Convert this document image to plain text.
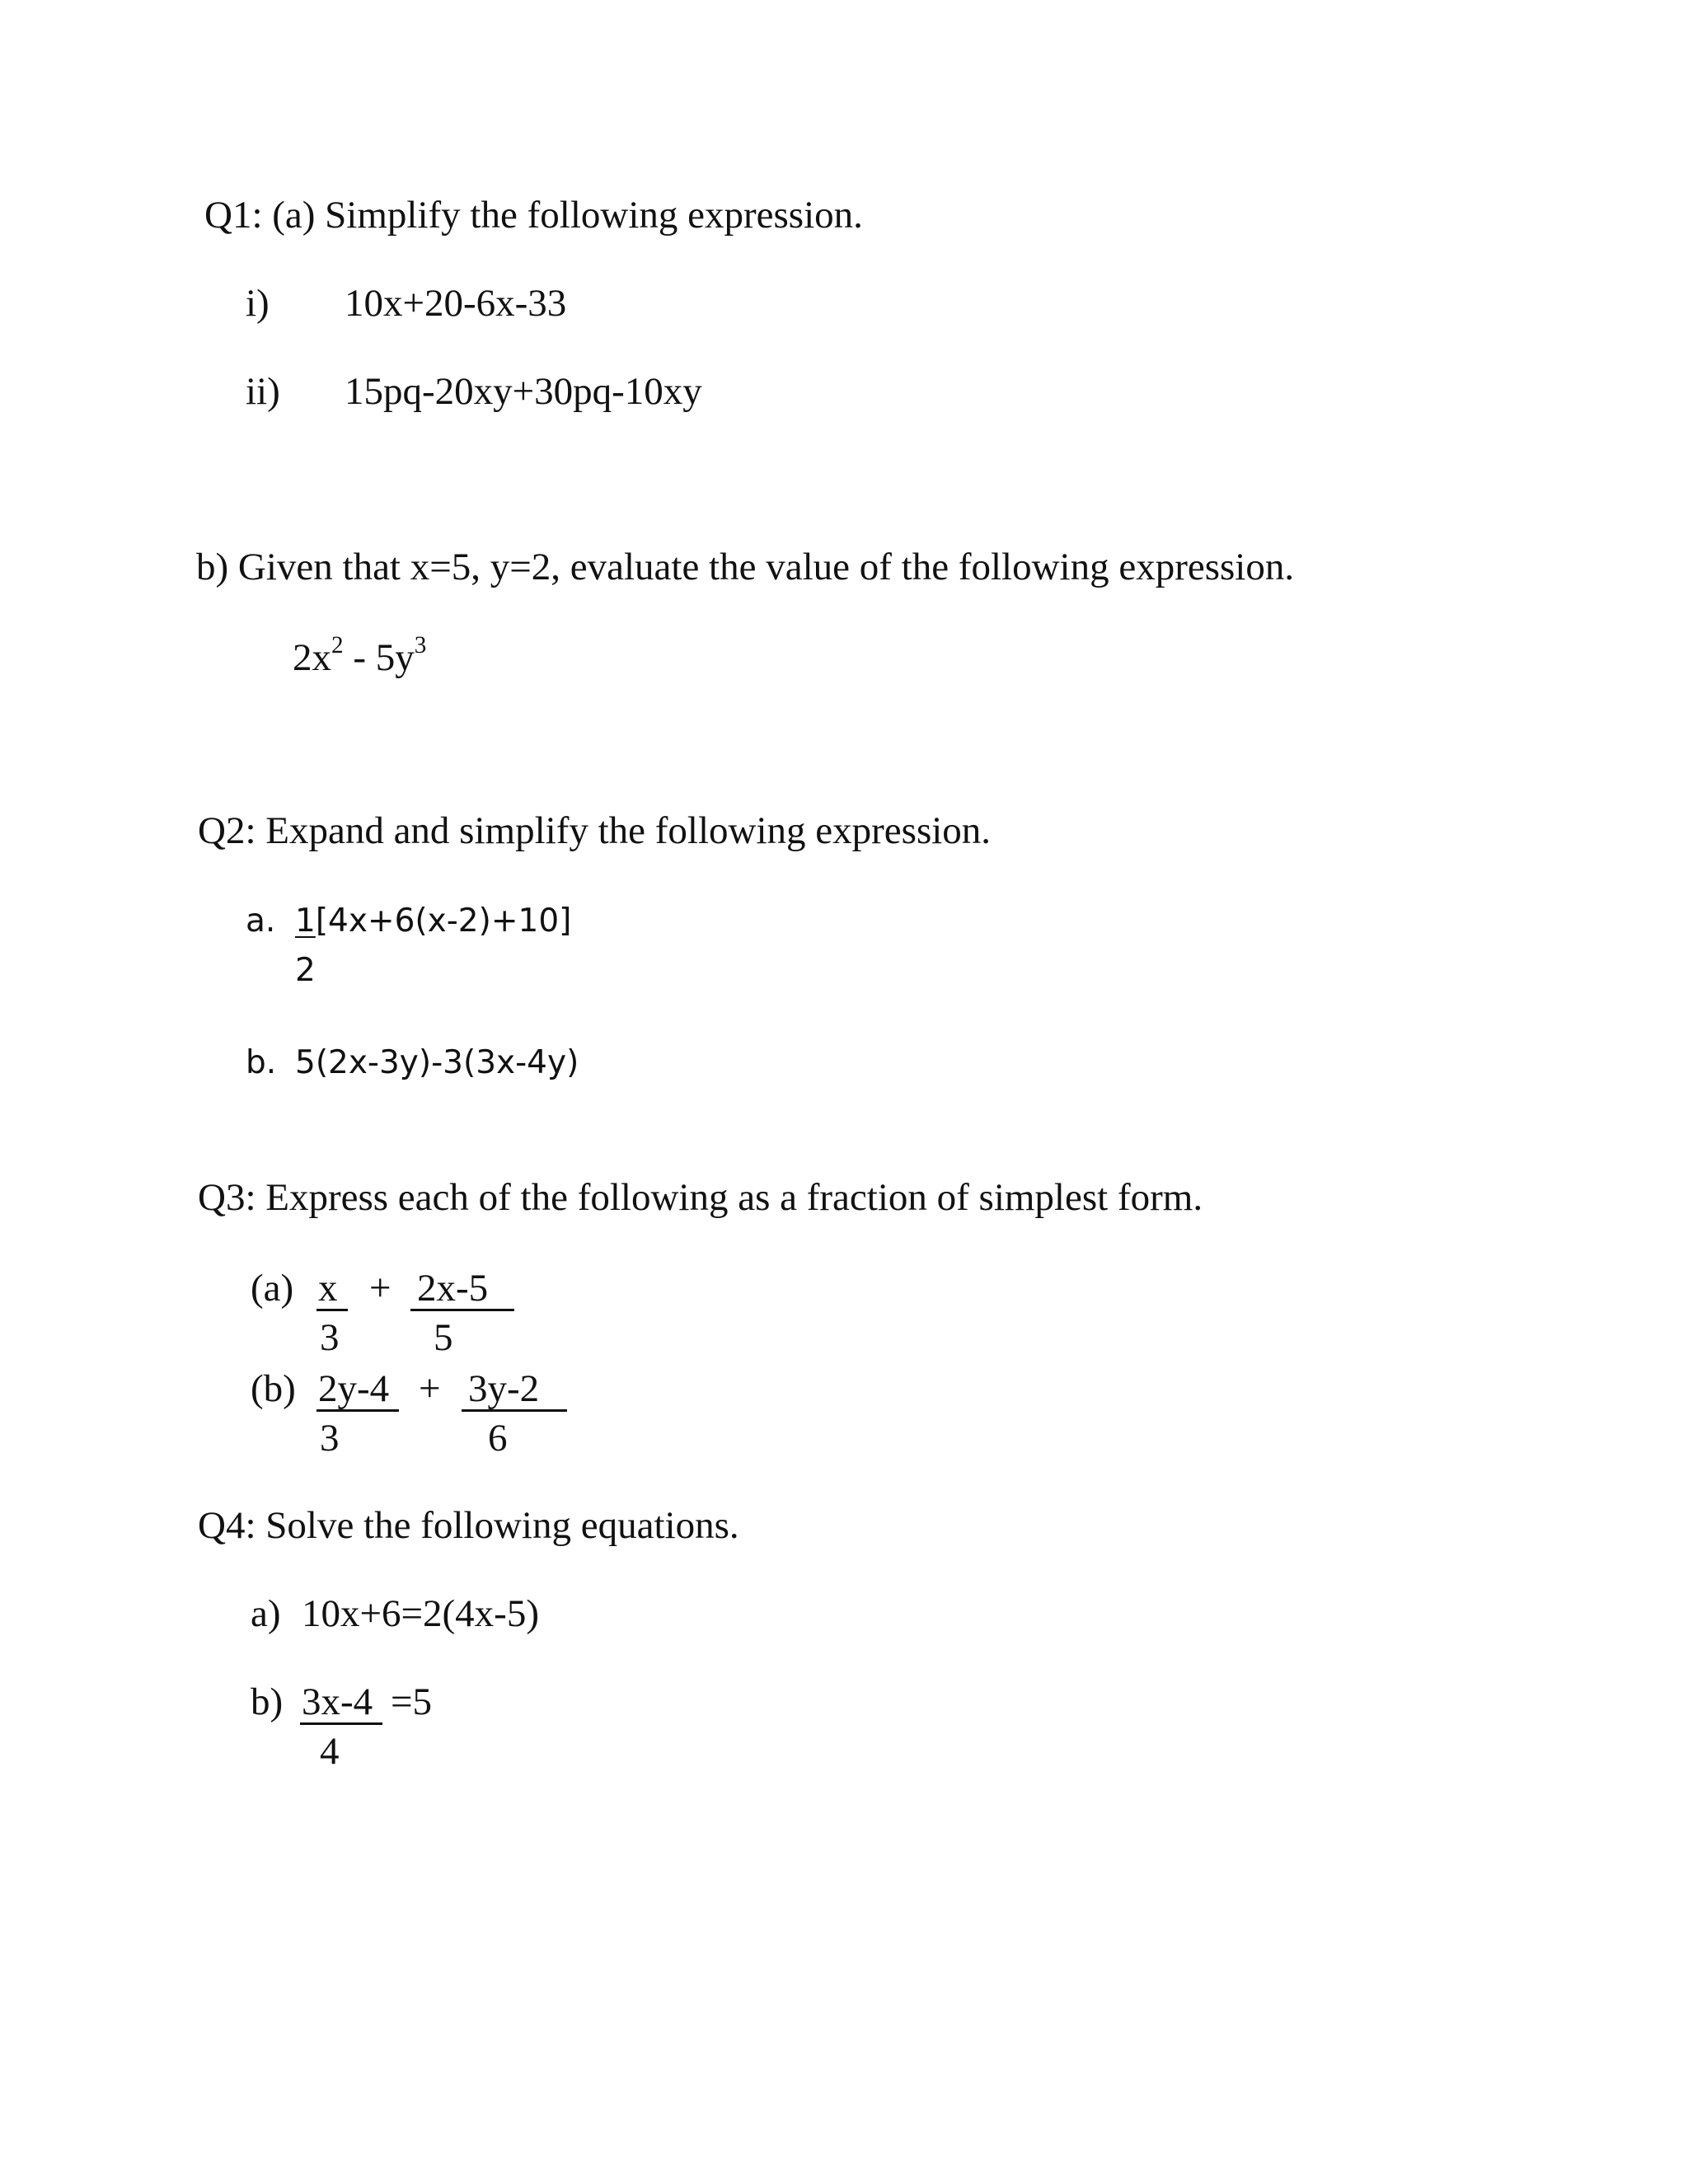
Q1: (a) Simplify the following expression.
i) 10x+20-6x-33
ii) 15pq-20xy+30pq-10xy
b) Given that x=5, y=2, evaluate the value of the following expression.
$2x^2 - 5y^3$
Q2: Expand and simplify the following expression.
a. 1[4x+6(x-2)+10]
2
b. 5(2x-3y)-3(3x-4y)
Q3: Express each of the following as a fraction of simplest form.
(a) x + 2x-5
3 5
(b) 2y-4 + 3y-2
3	6
Q4: Solve the following equations.
a) 10x+6=2(4x-5)
b) 3x-4 =5
4
